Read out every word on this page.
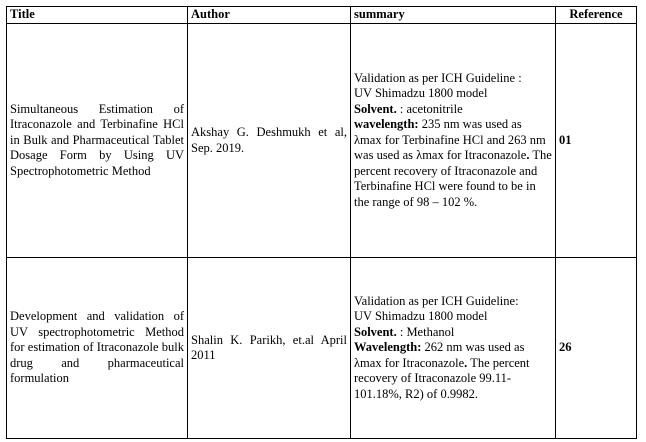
Title	Author	summary	Reference
Simultaneous Estimation of Itraconazole and Terbinafine HCl in Bulk and Pharmaceutical Tablet Dosage Form by Using UV Spectrophotometric Method	Akshay G. Deshmukh et al, Sep. 2019.	Validation as per ICH Guideline :
UV Shimadzu 1800 model
Solvent. : acetonitrile
wavelength: 235 nm was used as λmax for Terbinafine HCl and 263 nm was used as λmax for Itraconazole. The percent recovery of Itraconazole and Terbinafine HCl were found to be in the range of 98 – 102 %.	01
Development and validation of UV spectrophotometric Method for estimation of Itraconazole bulk drug and pharmaceutical formulation	Shalin K. Parikh, et.al April 2011	Validation as per ICH Guideline:
UV Shimadzu 1800 model
Solvent. : Methanol
Wavelength: 262 nm was used as λmax for Itraconazole. The percent recovery of Itraconazole 99.11- 101.18%, R2) of 0.9982.	26
